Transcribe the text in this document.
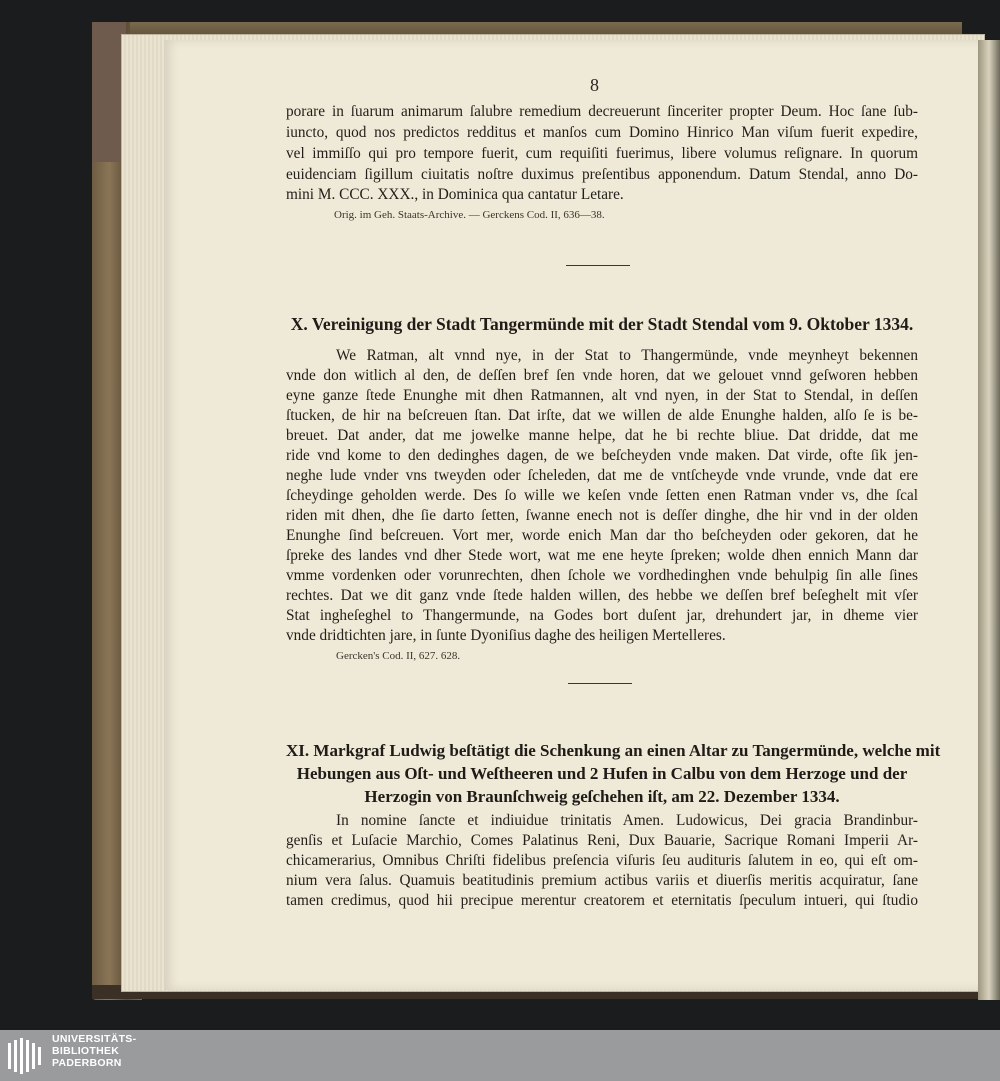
8
porare in ſuarum animarum ſalubre remedium decreuerunt ſinceriter propter Deum. Hoc ſane ſub-
iuncto, quod nos predictos redditus et manſos cum Domino Hinrico Man viſum fuerit expedire,
vel immiſſo qui pro tempore fuerit, cum requiſiti fuerimus, libere volumus reſignare. In quorum
euidenciam ſigillum ciuitatis noſtre duximus preſentibus apponendum. Datum Stendal, anno Do-
mini M. CCC. XXX., in Dominica qua cantatur Letare.
Orig. im Geh. Staats-Archive. — Gerckens Cod. II, 636—38.
X. Vereinigung der Stadt Tangermünde mit der Stadt Stendal vom 9. Oktober 1334.
We Ratman, alt vnnd nye, in der Stat to Thangermünde, vnde meynheyt bekennen
vnde don witlich al den, de deſſen bref ſen vnde horen, dat we gelouet vnnd geſworen hebben
eyne ganze ſtede Enunghe mit dhen Ratmannen, alt vnd nyen, in der Stat to Stendal, in deſſen
ſtucken, de hir na beſcreuen ſtan. Dat irſte, dat we willen de alde Enunghe halden, alſo ſe is be-
breuet. Dat ander, dat me jowelke manne helpe, dat he bi rechte bliue. Dat dridde, dat me
ride vnd kome to den dedinghes dagen, de we beſcheyden vnde maken. Dat virde, ofte ſik jen-
neghe lude vnder vns tweyden oder ſcheleden, dat me de vntſcheyde vnde vrunde, vnde dat ere
ſcheydinge geholden werde. Des ſo wille we keſen vnde ſetten enen Ratman vnder vs, dhe ſcal
riden mit dhen, dhe ſie darto ſetten, ſwanne enech not is deſſer dinghe, dhe hir vnd in der olden
Enunghe ſind beſcreuen. Vort mer, worde enich Man dar tho beſcheyden oder gekoren, dat he
ſpreke des landes vnd dher Stede wort, wat me ene heyte ſpreken; wolde dhen ennich Mann dar
vmme vordenken oder vorunrechten, dhen ſchole we vordhedinghen vnde behulpig ſin alle ſines
rechtes. Dat we dit ganz vnde ſtede halden willen, des hebbe we deſſen bref beſeghelt mit vſer
Stat ingheſeghel to Thangermunde, na Godes bort duſent jar, drehundert jar, in dheme vier
vnde dridtichten jare, in ſunte Dyoniſius daghe des heiligen Mertelleres.
Gercken's Cod. II, 627. 628.
XI. Markgraf Ludwig beſtätigt die Schenkung an einen Altar zu Tangermünde, welche mit
Hebungen aus Oſt- und Weſtheeren und 2 Hufen in Calbu von dem Herzoge und der
Herzogin von Braunſchweig geſchehen iſt, am 22. Dezember 1334.
In nomine ſancte et indiuidue trinitatis Amen. Ludowicus, Dei gracia Brandinbur-
genſis et Luſacie Marchio, Comes Palatinus Reni, Dux Bauarie, Sacrique Romani Imperii Ar-
chicamerarius, Omnibus Chriſti fidelibus preſencia viſuris ſeu audituris ſalutem in eo, qui eſt om-
nium vera ſalus. Quamuis beatitudinis premium actibus variis et diuerſis meritis acquiratur, ſane
tamen credimus, quod hii precipue merentur creatorem et eternitatis ſpeculum intueri, qui ſtudio
UNIVERSITÄTS-
BIBLIOTHEK
PADERBORN
